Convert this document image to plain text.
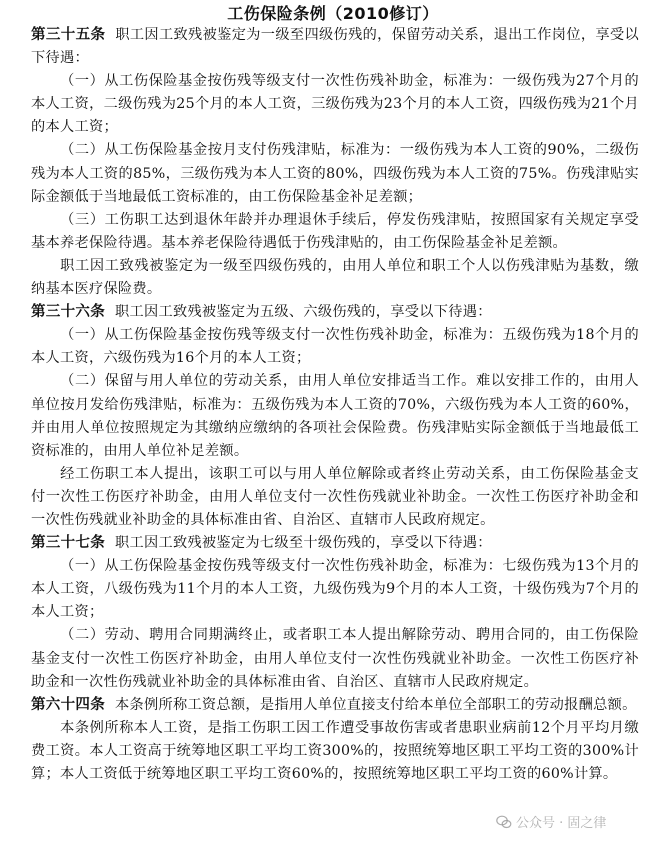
工伤保险条例（2010修订）

第三十五条 职工因工致残被鉴定为一级至四级伤残的，保留劳动关系，退出工作岗位，享受以下待遇：

（一）从工伤保险基金按伤残等级支付一次性伤残补助金，标准为：一级伤残为27个月的本人工资，二级伤残为25个月的本人工资，三级伤残为23个月的本人工资，四级伤残为21个月的本人工资；

（二）从工伤保险基金按月支付伤残津贴，标准为：一级伤残为本人工资的90%，二级伤残为本人工资的85%，三级伤残为本人工资的80%，四级伤残为本人工资的75%。伤残津贴实际金额低于当地最低工资标准的，由工伤保险基金补足差额；

（三）工伤职工达到退休年龄并办理退休手续后，停发伤残津贴，按照国家有关规定享受基本养老保险待遇。基本养老保险待遇低于伤残津贴的，由工伤保险基金补足差额。

职工因工致残被鉴定为一级至四级伤残的，由用人单位和职工个人以伤残津贴为基数，缴纳基本医疗保险费。

第三十六条 职工因工致残被鉴定为五级、六级伤残的，享受以下待遇：

（一）从工伤保险基金按伤残等级支付一次性伤残补助金，标准为：五级伤残为18个月的本人工资，六级伤残为16个月的本人工资；

（二）保留与用人单位的劳动关系，由用人单位安排适当工作。难以安排工作的，由用人单位按月发给伤残津贴，标准为：五级伤残为本人工资的70%，六级伤残为本人工资的60%，并由用人单位按照规定为其缴纳应缴纳的各项社会保险费。伤残津贴实际金额低于当地最低工资标准的，由用人单位补足差额。

经工伤职工本人提出，该职工可以与用人单位解除或者终止劳动关系，由工伤保险基金支付一次性工伤医疗补助金，由用人单位支付一次性伤残就业补助金。一次性工伤医疗补助金和一次性伤残就业补助金的具体标准由省、自治区、直辖市人民政府规定。

第三十七条 职工因工致残被鉴定为七级至十级伤残的，享受以下待遇：

（一）从工伤保险基金按伤残等级支付一次性伤残补助金，标准为：七级伤残为13个月的本人工资，八级伤残为11个月的本人工资，九级伤残为9个月的本人工资，十级伤残为7个月的本人工资；

（二）劳动、聘用合同期满终止，或者职工本人提出解除劳动、聘用合同的，由工伤保险基金支付一次性工伤医疗补助金，由用人单位支付一次性伤残就业补助金。一次性工伤医疗补助金和一次性伤残就业补助金的具体标准由省、自治区、直辖市人民政府规定。

第六十四条 本条例所称工资总额，是指用人单位直接支付给本单位全部职工的劳动报酬总额。

本条例所称本人工资，是指工伤职工因工作遭受事故伤害或者患职业病前12个月平均月缴费工资。本人工资高于统筹地区职工平均工资300%的，按照统筹地区职工平均工资的300%计算；本人工资低于统筹地区职工平均工资60%的，按照统筹地区职工平均工资的60%计算。

公众号 · 固之律
